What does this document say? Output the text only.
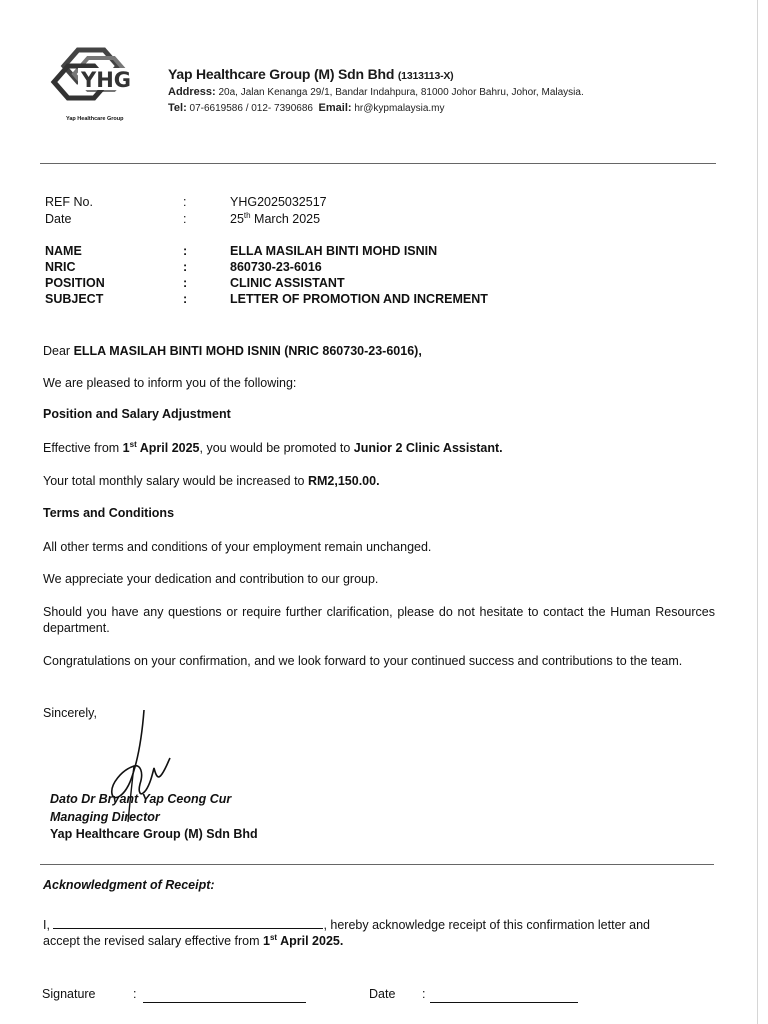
YHG
Yap Healthcare Group
Yap Healthcare Group (M) Sdn Bhd (1313113-X)
Address: 20a, Jalan Kenanga 29/1, Bandar Indahpura, 81000 Johor Bahru, Johor, Malaysia.
Tel: 07-6619586 / 012- 7390686 Email: hr@kypmalaysia.my
REF No.	:	YHG2025032517
Date	:	25th March 2025
NAME	:	ELLA MASILAH BINTI MOHD ISNIN
NRIC	:	860730-23-6016
POSITION	:	CLINIC ASSISTANT
SUBJECT	:	LETTER OF PROMOTION AND INCREMENT
Dear ELLA MASILAH BINTI MOHD ISNIN (NRIC 860730-23-6016),
We are pleased to inform you of the following:
Position and Salary Adjustment
Effective from 1st April 2025, you would be promoted to Junior 2 Clinic Assistant.
Your total monthly salary would be increased to RM2,150.00.
Terms and Conditions
All other terms and conditions of your employment remain unchanged.
We appreciate your dedication and contribution to our group.
Should you have any questions or require further clarification, please do not hesitate to contact the Human Resources department.
Congratulations on your confirmation, and we look forward to your continued success and contributions to the team.
Sincerely,
Dato Dr Bryant Yap Ceong Cur
Managing Director
Yap Healthcare Group (M) Sdn Bhd
Acknowledgment of Receipt:
I,	, hereby acknowledge receipt of this confirmation letter and
accept the revised salary effective from 1st April 2025.
Signature	:	Date :
